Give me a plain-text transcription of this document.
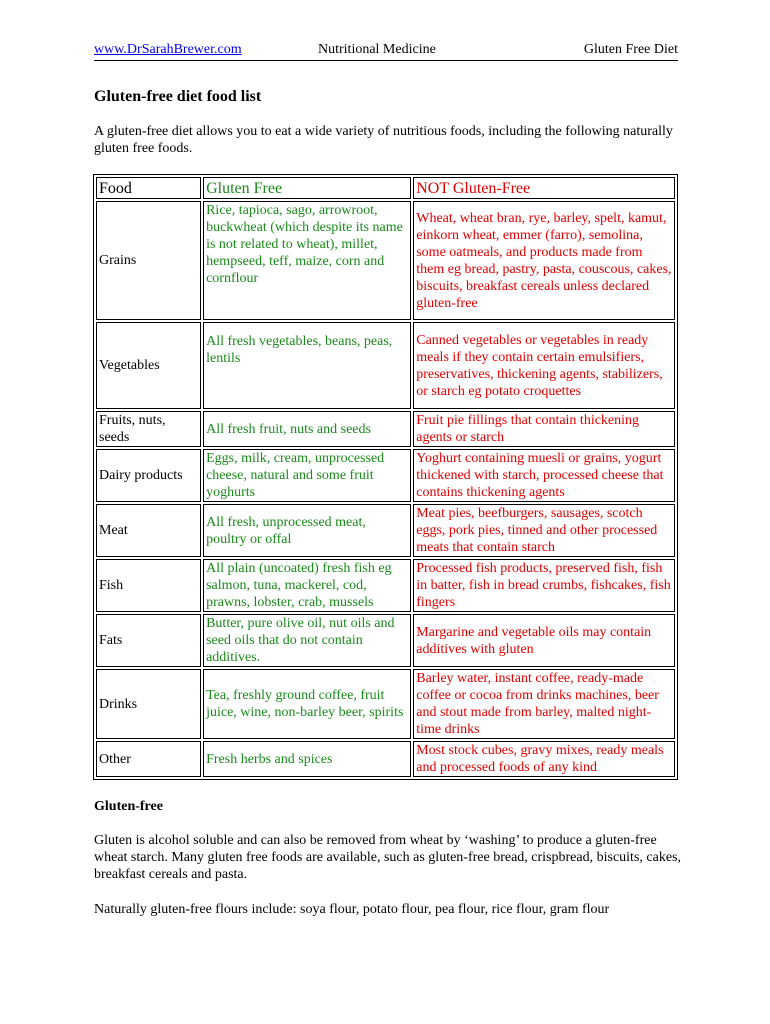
www.DrSarahBrewer.com	Nutritional Medicine	Gluten Free Diet
Gluten-free diet food list
A gluten-free diet allows you to eat a wide variety of nutritious foods, including the following naturally gluten free foods.
Food	Gluten Free	NOT Gluten-Free
Grains	Rice, tapioca, sago, arrowroot, buckwheat (which despite its name is not related to wheat), millet, hempseed, teff, maize, corn and cornflour	Wheat, wheat bran, rye, barley, spelt, kamut, einkorn wheat, emmer (farro), semolina, some oatmeals, and products made from them eg bread, pastry, pasta, couscous, cakes, biscuits, breakfast cereals unless declared gluten-free
Vegetables	All fresh vegetables, beans, peas, lentils	Canned vegetables or vegetables in ready meals if they contain certain emulsifiers, preservatives, thickening agents, stabilizers, or starch eg potato croquettes
Fruits, nuts, seeds	All fresh fruit, nuts and seeds	Fruit pie fillings that contain thickening agents or starch
Dairy products	Eggs, milk, cream, unprocessed cheese, natural and some fruit yoghurts	Yoghurt containing muesli or grains, yogurt thickened with starch, processed cheese that contains thickening agents
Meat	All fresh, unprocessed meat, poultry or offal	Meat pies, beefburgers, sausages, scotch eggs, pork pies, tinned and other processed meats that contain starch
Fish	All plain (uncoated) fresh fish eg salmon, tuna, mackerel, cod, prawns, lobster, crab, mussels	Processed fish products, preserved fish, fish in batter, fish in bread crumbs, fishcakes, fish fingers
Fats	Butter, pure olive oil, nut oils and seed oils that do not contain additives.	Margarine and vegetable oils may contain additives with gluten
Drinks	Tea, freshly ground coffee, fruit juice, wine, non-barley beer, spirits	Barley water, instant coffee, ready-made coffee or cocoa from drinks machines, beer and stout made from barley, malted night-time drinks
Other	Fresh herbs and spices	Most stock cubes, gravy mixes, ready meals and processed foods of any kind
Gluten-free
Gluten is alcohol soluble and can also be removed from wheat by ‘washing’ to produce a gluten-free wheat starch. Many gluten free foods are available, such as gluten-free bread, crispbread, biscuits, cakes, breakfast cereals and pasta.
Naturally gluten-free flours include: soya flour, potato flour, pea flour, rice flour, gram flour
